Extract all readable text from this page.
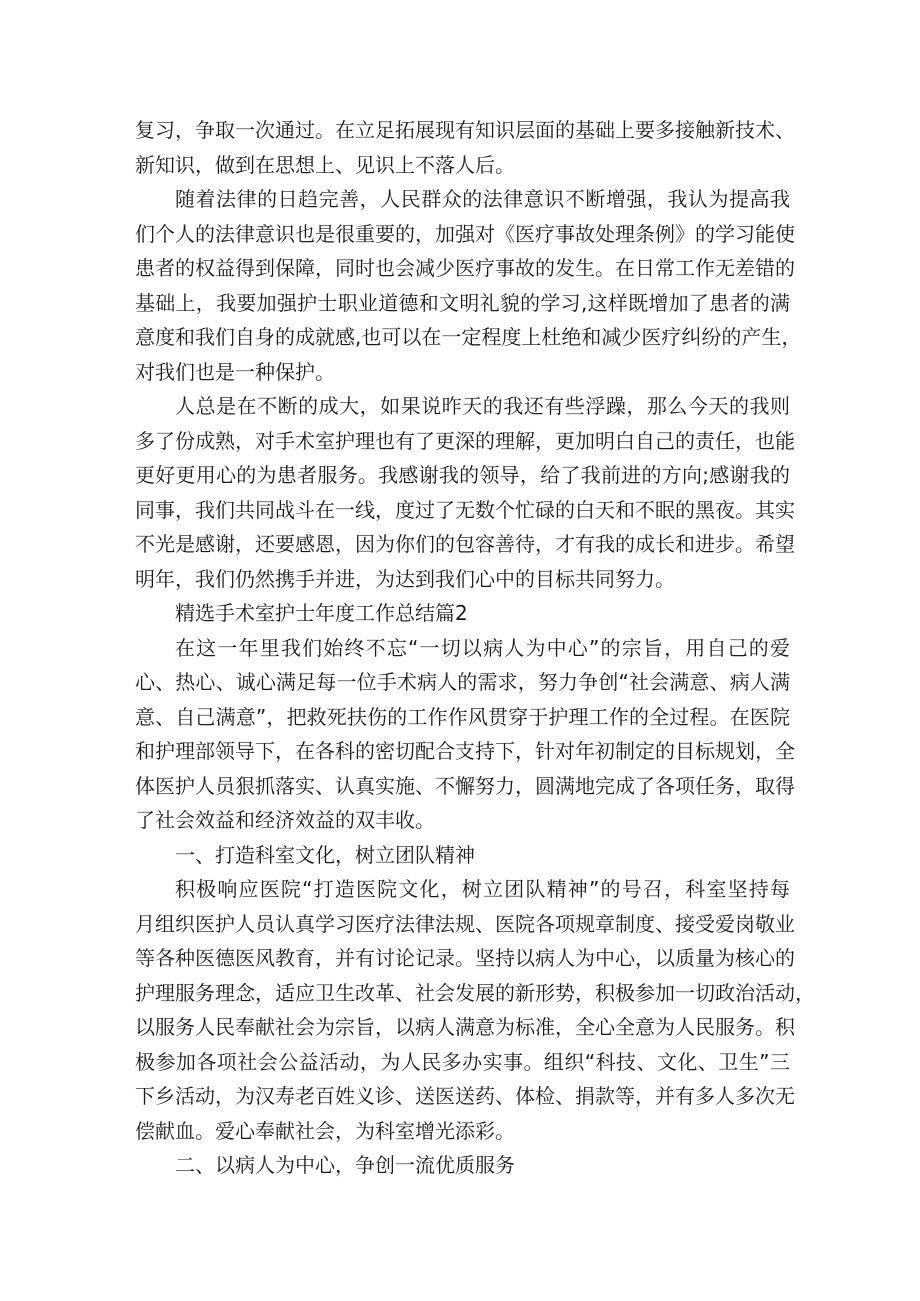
复习，争取一次通过。在立足拓展现有知识层面的基础上要多接触新技术、
新知识，做到在思想上、见识上不落人后。
随着法律的日趋完善，人民群众的法律意识不断增强，我认为提高我
们个人的法律意识也是很重要的，加强对《医疗事故处理条例》的学习能使
患者的权益得到保障，同时也会减少医疗事故的发生。在日常工作无差错的
基础上，我要加强护士职业道德和文明礼貌的学习,这样既增加了患者的满
意度和我们自身的成就感,也可以在一定程度上杜绝和减少医疗纠纷的产生，
对我们也是一种保护。
人总是在不断的成大，如果说昨天的我还有些浮躁，那么今天的我则
多了份成熟，对手术室护理也有了更深的理解，更加明白自己的责任，也能
更好更用心的为患者服务。我感谢我的领导，给了我前进的方向;感谢我的
同事，我们共同战斗在一线，度过了无数个忙碌的白天和不眠的黑夜。其实
不光是感谢，还要感恩，因为你们的包容善待，才有我的成长和进步。希望
明年，我们仍然携手并进，为达到我们心中的目标共同努力。
精选手术室护士年度工作总结篇2
在这一年里我们始终不忘“一切以病人为中心”的宗旨，用自己的爱
心、热心、诚心满足每一位手术病人的需求，努力争创“社会满意、病人满
意、自己满意”，把救死扶伤的工作作风贯穿于护理工作的全过程。在医院
和护理部领导下，在各科的密切配合支持下，针对年初制定的目标规划，全
体医护人员狠抓落实、认真实施、不懈努力，圆满地完成了各项任务，取得
了社会效益和经济效益的双丰收。
一、打造科室文化，树立团队精神
积极响应医院“打造医院文化，树立团队精神”的号召，科室坚持每
月组织医护人员认真学习医疗法律法规、医院各项规章制度、接受爱岗敬业
等各种医德医风教育，并有讨论记录。坚持以病人为中心，以质量为核心的
护理服务理念，适应卫生改革、社会发展的新形势，积极参加一切政治活动，
以服务人民奉献社会为宗旨，以病人满意为标准，全心全意为人民服务。积
极参加各项社会公益活动，为人民多办实事。组织“科技、文化、卫生”三
下乡活动，为汉寿老百姓义诊、送医送药、体检、捐款等，并有多人多次无
偿献血。爱心奉献社会，为科室增光添彩。
二、以病人为中心，争创一流优质服务
